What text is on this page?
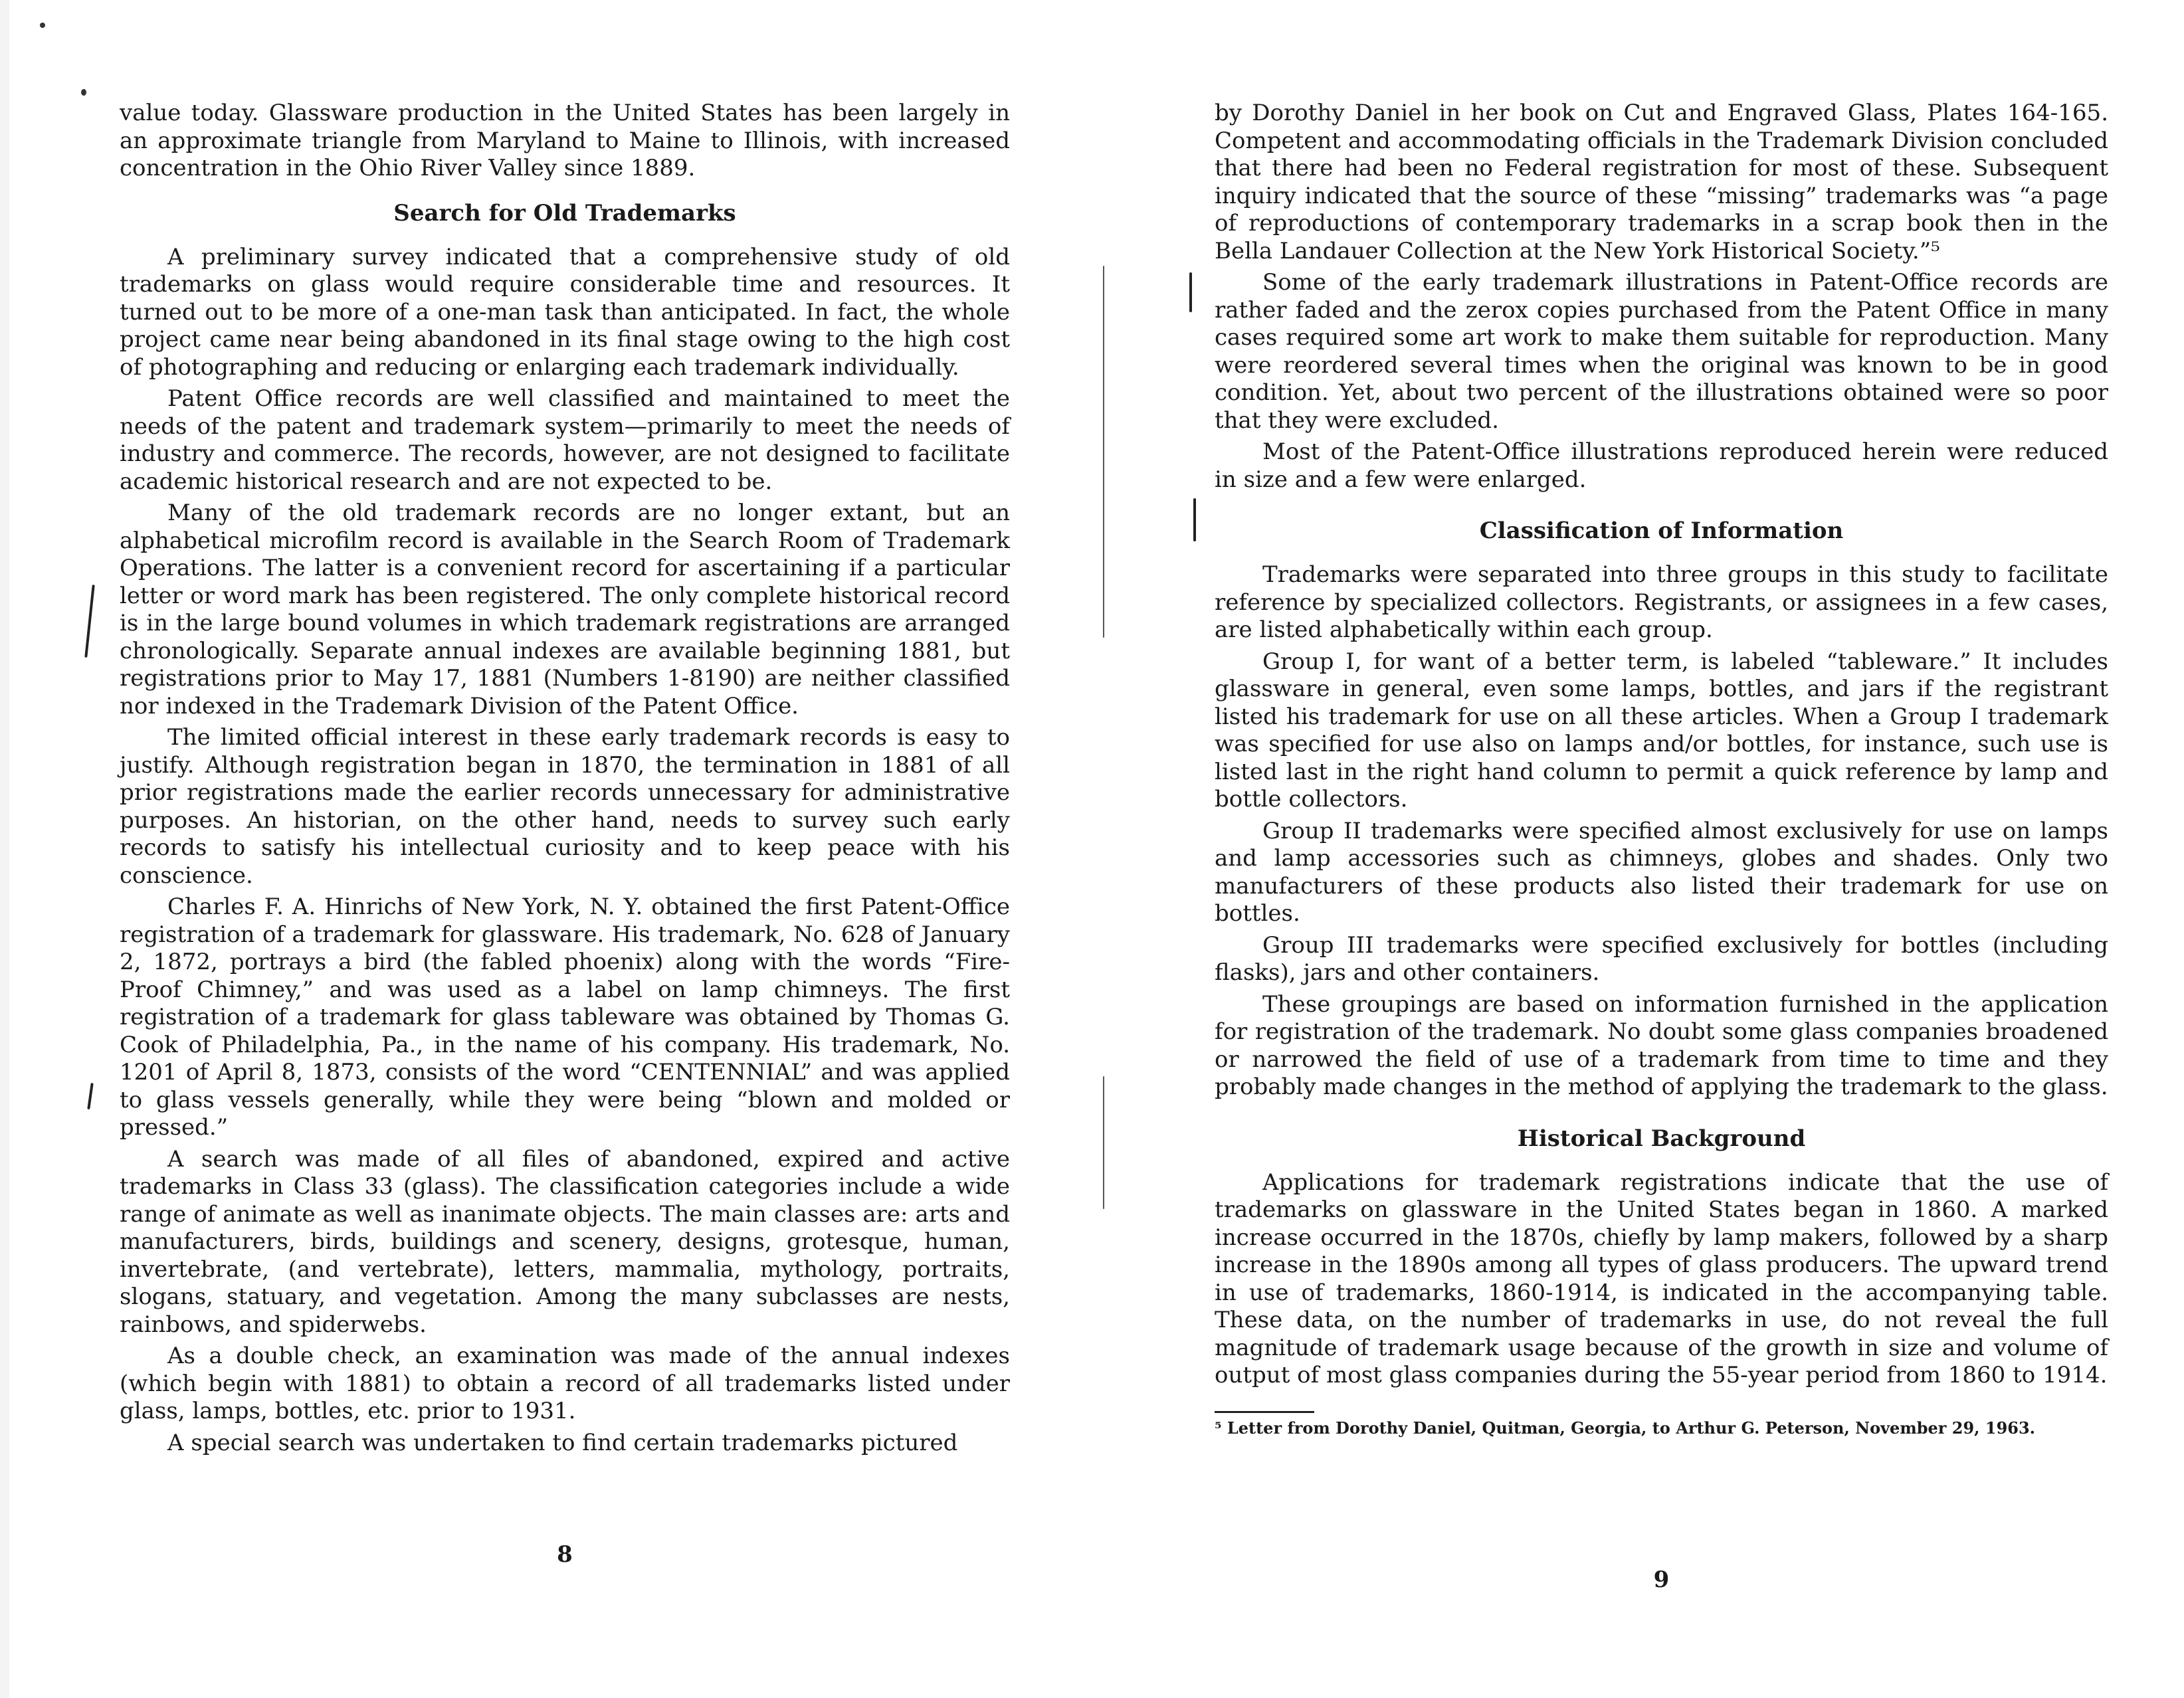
value today. Glassware production in the United States has been largely in an approximate triangle from Maryland to Maine to Illinois, with increased concentration in the Ohio River Valley since 1889.

Search for Old Trademarks

A preliminary survey indicated that a comprehensive study of old trademarks on glass would require considerable time and resources. It turned out to be more of a one-man task than anticipated. In fact, the whole project came near being abandoned in its final stage owing to the high cost of photographing and reducing or enlarging each trademark individually.

Patent Office records are well classified and maintained to meet the needs of the patent and trademark system—primarily to meet the needs of industry and commerce. The records, however, are not designed to facilitate academic historical research and are not expected to be.

Many of the old trademark records are no longer extant, but an alphabetical microfilm record is available in the Search Room of Trademark Operations. The latter is a convenient record for ascertaining if a particular letter or word mark has been registered. The only complete historical record is in the large bound volumes in which trademark registrations are arranged chronologically. Separate annual indexes are available beginning 1881, but registrations prior to May 17, 1881 (Numbers 1-8190) are neither classified nor indexed in the Trademark Division of the Patent Office.

The limited official interest in these early trademark records is easy to justify. Although registration began in 1870, the termination in 1881 of all prior registrations made the earlier records unnecessary for administrative purposes. An historian, on the other hand, needs to survey such early records to satisfy his intellectual curiosity and to keep peace with his conscience.

Charles F. A. Hinrichs of New York, N. Y. obtained the first Patent-Office registration of a trademark for glassware. His trademark, No. 628 of January 2, 1872, portrays a bird (the fabled phoenix) along with the words “Fire-Proof Chimney,” and was used as a label on lamp chimneys. The first registration of a trademark for glass tableware was obtained by Thomas G. Cook of Philadelphia, Pa., in the name of his company. His trademark, No. 1201 of April 8, 1873, consists of the word “CENTENNIAL” and was applied to glass vessels generally, while they were being “blown and molded or pressed.”

A search was made of all files of abandoned, expired and active trademarks in Class 33 (glass). The classification categories include a wide range of animate as well as inanimate objects. The main classes are: arts and manufacturers, birds, buildings and scenery, designs, grotesque, human, invertebrate, (and vertebrate), letters, mammalia, mythology, portraits, slogans, statuary, and vegetation. Among the many subclasses are nests, rainbows, and spiderwebs.

As a double check, an examination was made of the annual indexes (which begin with 1881) to obtain a record of all trademarks listed under glass, lamps, bottles, etc. prior to 1931.

A special search was undertaken to find certain trademarks pictured

8

by Dorothy Daniel in her book on Cut and Engraved Glass, Plates 164-165. Competent and accommodating officials in the Trademark Division concluded that there had been no Federal registration for most of these. Subsequent inquiry indicated that the source of these “missing” trademarks was “a page of reproductions of contemporary trademarks in a scrap book then in the Bella Landauer Collection at the New York Historical Society.”⁵

Some of the early trademark illustrations in Patent-Office records are rather faded and the zerox copies purchased from the Patent Office in many cases required some art work to make them suitable for reproduction. Many were reordered several times when the original was known to be in good condition. Yet, about two percent of the illustrations obtained were so poor that they were excluded.

Most of the Patent-Office illustrations reproduced herein were reduced in size and a few were enlarged.

Classification of Information

Trademarks were separated into three groups in this study to facilitate reference by specialized collectors. Registrants, or assignees in a few cases, are listed alphabetically within each group.

Group I, for want of a better term, is labeled “tableware.” It includes glassware in general, even some lamps, bottles, and jars if the registrant listed his trademark for use on all these articles. When a Group I trademark was specified for use also on lamps and/or bottles, for instance, such use is listed last in the right hand column to permit a quick reference by lamp and bottle collectors.

Group II trademarks were specified almost exclusively for use on lamps and lamp accessories such as chimneys, globes and shades. Only two manufacturers of these products also listed their trademark for use on bottles.

Group III trademarks were specified exclusively for bottles (including flasks), jars and other containers.

These groupings are based on information furnished in the application for registration of the trademark. No doubt some glass companies broadened or narrowed the field of use of a trademark from time to time and they probably made changes in the method of applying the trademark to the glass.

Historical Background

Applications for trademark registrations indicate that the use of trademarks on glassware in the United States began in 1860. A marked increase occurred in the 1870s, chiefly by lamp makers, followed by a sharp increase in the 1890s among all types of glass producers. The upward trend in use of trademarks, 1860-1914, is indicated in the accompanying table. These data, on the number of trademarks in use, do not reveal the full magnitude of trademark usage because of the growth in size and volume of output of most glass companies during the 55-year period from 1860 to 1914.

⁵ Letter from Dorothy Daniel, Quitman, Georgia, to Arthur G. Peterson, November 29, 1963.

9
